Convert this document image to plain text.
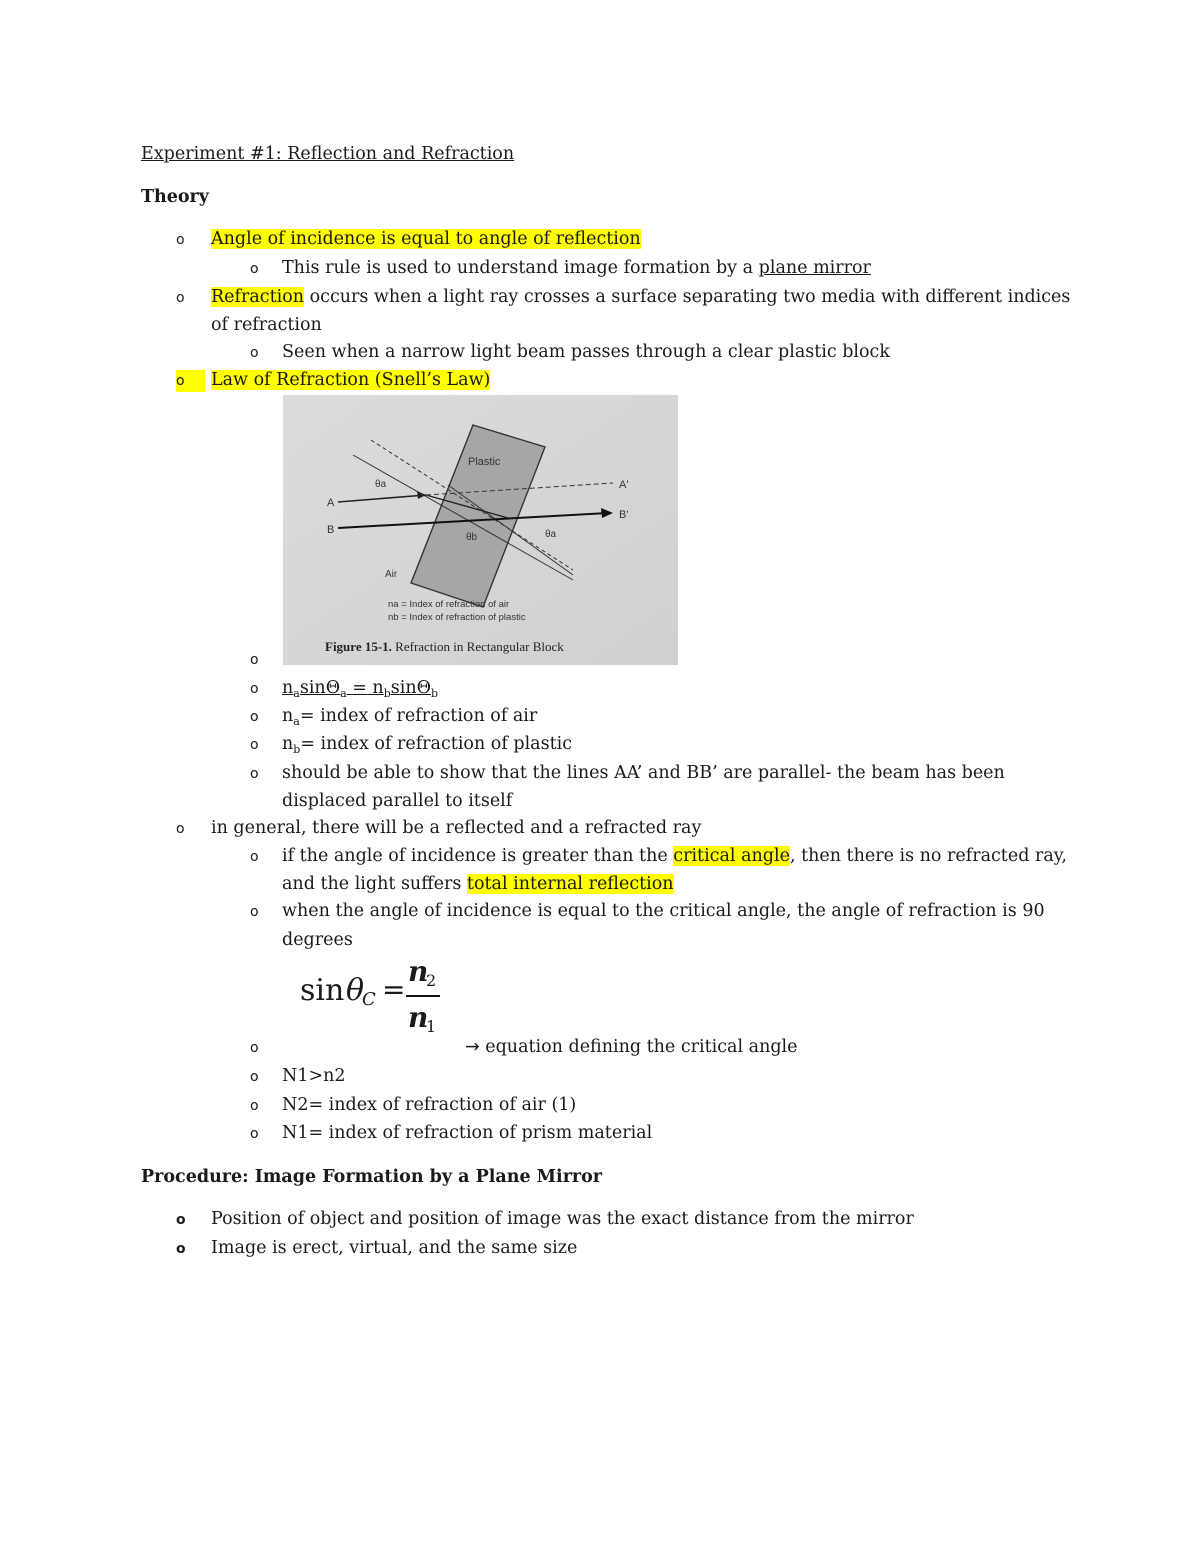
Experiment #1: Reflection and Refraction
Theory
o Angle of incidence is equal to angle of reflection
o This rule is used to understand image formation by a plane mirror
o Refraction occurs when a light ray crosses a surface separating two media with different indices
of refraction
o Seen when a narrow light beam passes through a clear plastic block
o	Law of Refraction (Snell’s Law)
Plastic
A
B
A'
B'
θa
θb	θa
Air
na = Index of refraction of air
nb = Index of refraction of plastic
Figure 15-1. Refraction in Rectangular Block
o
o $n_a\sin\Theta_a = n_b\sin\Theta_b$
o $n_a=$ index of refraction of air
o $n_b=$ index of refraction of plastic
o should be able to show that the lines AA’ and BB’ are parallel- the beam has been
displaced parallel to itself
o in general, there will be a reflected and a refracted ray
o if the angle of incidence is greater than the critical angle, then there is no refracted ray,
and the light suffers total internal reflection
o when the angle of incidence is equal to the critical angle, the angle of refraction is 90
degrees
sin θ
C =
n
2
n
1
o	→ equation defining the critical angle
o N1>n2
o N2= index of refraction of air (1)
o N1= index of refraction of prism material
Procedure: Image Formation by a Plane Mirror
o Position of object and position of image was the exact distance from the mirror
o Image is erect, virtual, and the same size
